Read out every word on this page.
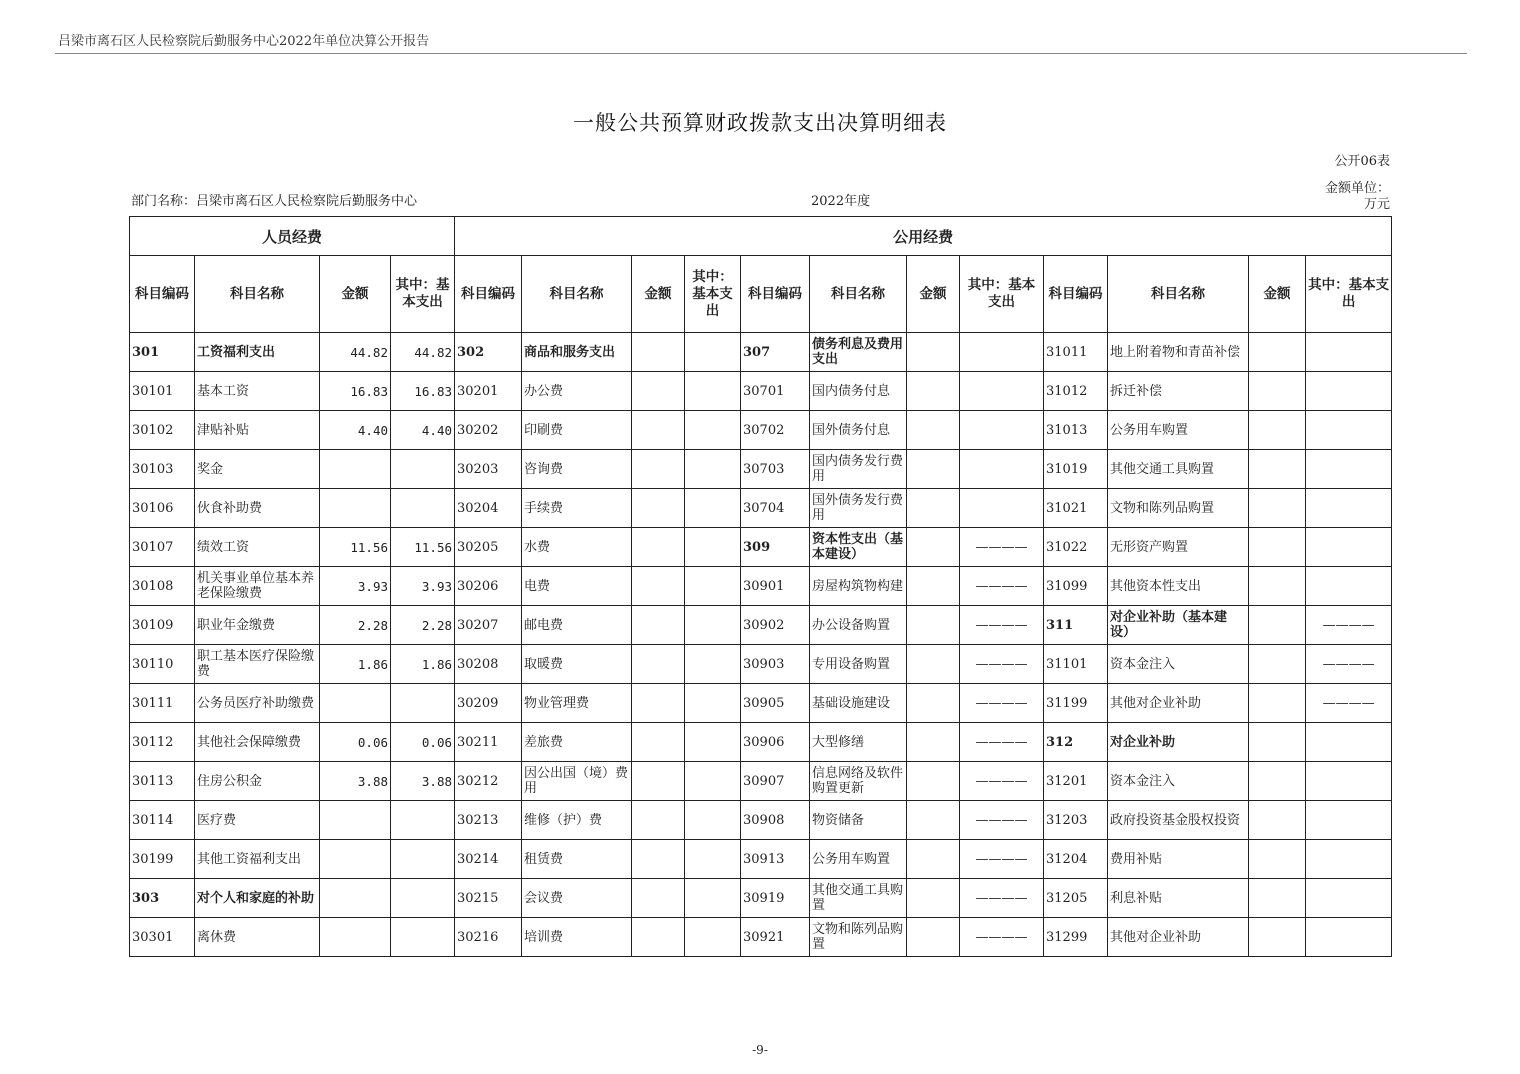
吕梁市离石区人民检察院后勤服务中心2022年单位决算公开报告
一般公共预算财政拨款支出决算明细表
公开06表
部门名称：吕梁市离石区人民检察院后勤服务中心	2022年度
金额单位：
万元
人员经费				公用经费											
科目编码	科目名称	金额	其中：基本支出	科目编码	科目名称	金额	其中：基本支出	科目编码	科目名称	金额	其中：基本支出	科目编码	科目名称	金额	其中：基本支出
301	工资福利支出	44.82	44.82	302	商品和服务支出			307	债务利息及费用支出			31011	地上附着物和青苗补偿		
30101	基本工资	16.83	16.83	30201	办公费			30701	国内债务付息			31012	拆迁补偿		
30102	津贴补贴	4.40	4.40	30202	印刷费			30702	国外债务付息			31013	公务用车购置		
30103	奖金			30203	咨询费			30703	国内债务发行费用			31019	其他交通工具购置		
30106	伙食补助费			30204	手续费			30704	国外债务发行费用			31021	文物和陈列品购置		
30107	绩效工资	11.56	11.56	30205	水费			309	资本性支出（基本建设）		————	31022	无形资产购置		
30108	机关事业单位基本养老保险缴费	3.93	3.93	30206	电费			30901	房屋构筑物构建		————	31099	其他资本性支出		
30109	职业年金缴费	2.28	2.28	30207	邮电费			30902	办公设备购置		————	311	对企业补助（基本建设）		————
30110	职工基本医疗保险缴费	1.86	1.86	30208	取暖费			30903	专用设备购置		————	31101	资本金注入		————
30111	公务员医疗补助缴费			30209	物业管理费			30905	基础设施建设		————	31199	其他对企业补助		————
30112	其他社会保障缴费	0.06	0.06	30211	差旅费			30906	大型修缮		————	312	对企业补助		
30113	住房公积金	3.88	3.88	30212	因公出国（境）费用			30907	信息网络及软件购置更新		————	31201	资本金注入		
30114	医疗费			30213	维修（护）费			30908	物资储备		————	31203	政府投资基金股权投资		
30199	其他工资福利支出			30214	租赁费			30913	公务用车购置		————	31204	费用补贴		
303	对个人和家庭的补助			30215	会议费			30919	其他交通工具购置		————	31205	利息补贴		
30301	离休费			30216	培训费			30921	文物和陈列品购置		————	31299	其他对企业补助		
-9-
